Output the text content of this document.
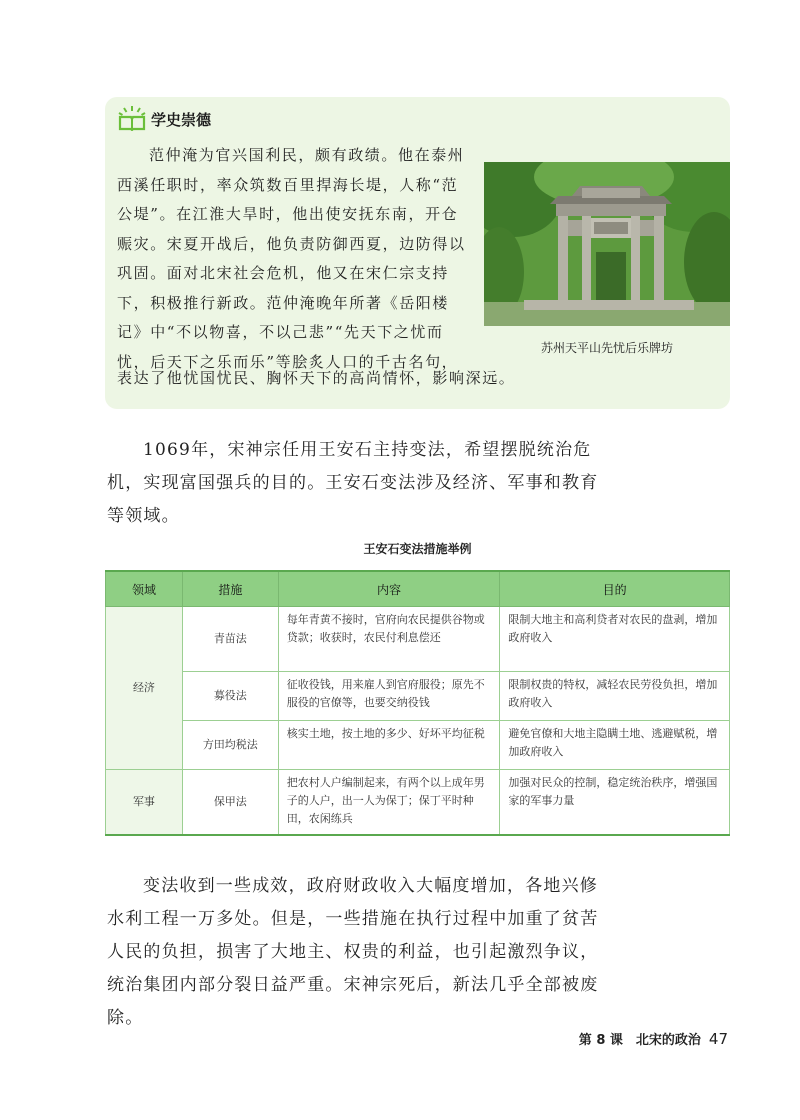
学史崇德

范仲淹为官兴国利民，颇有政绩。他在泰州
西溪任职时，率众筑数百里捍海长堤，人称“范
公堤”。在江淮大旱时，他出使安抚东南，开仓
赈灾。宋夏开战后，他负责防御西夏，边防得以
巩固。面对北宋社会危机，他又在宋仁宗支持
下，积极推行新政。范仲淹晚年所著《岳阳楼
记》中“不以物喜，不以己悲”“先天下之忧而
忧，后天下之乐而乐”等脍炙人口的千古名句，

表达了他忧国忧民、胸怀天下的高尚情怀，影响深远。

苏州天平山先忧后乐牌坊

1069年，宋神宗任用王安石主持变法，希望摆脱统治危机，实现富国强兵的目的。王安石变法涉及经济、军事和教育等领域。

王安石变法措施举例
领域	措施	内容	目的
经济	青苗法	每年青黄不接时，官府向农民提供谷物或贷款；收获时，农民付利息偿还	限制大地主和高利贷者对农民的盘剥，增加政府收入
	募役法	征收役钱，用来雇人到官府服役；原先不服役的官僚等，也要交纳役钱	限制权贵的特权，减轻农民劳役负担，增加政府收入
	方田均税法	核实土地，按土地的多少、好坏平均征税	避免官僚和大地主隐瞒土地、逃避赋税，增加政府收入
军事	保甲法	把农村人户编制起来，有两个以上成年男子的人户，出一人为保丁；保丁平时种田，农闲练兵	加强对民众的控制，稳定统治秩序，增强国家的军事力量

变法收到一些成效，政府财政收入大幅度增加，各地兴修水利工程一万多处。但是，一些措施在执行过程中加重了贫苦人民的负担，损害了大地主、权贵的利益，也引起激烈争议，统治集团内部分裂日益严重。宋神宗死后，新法几乎全部被废除。

第 8 课　北宋的政治 47
